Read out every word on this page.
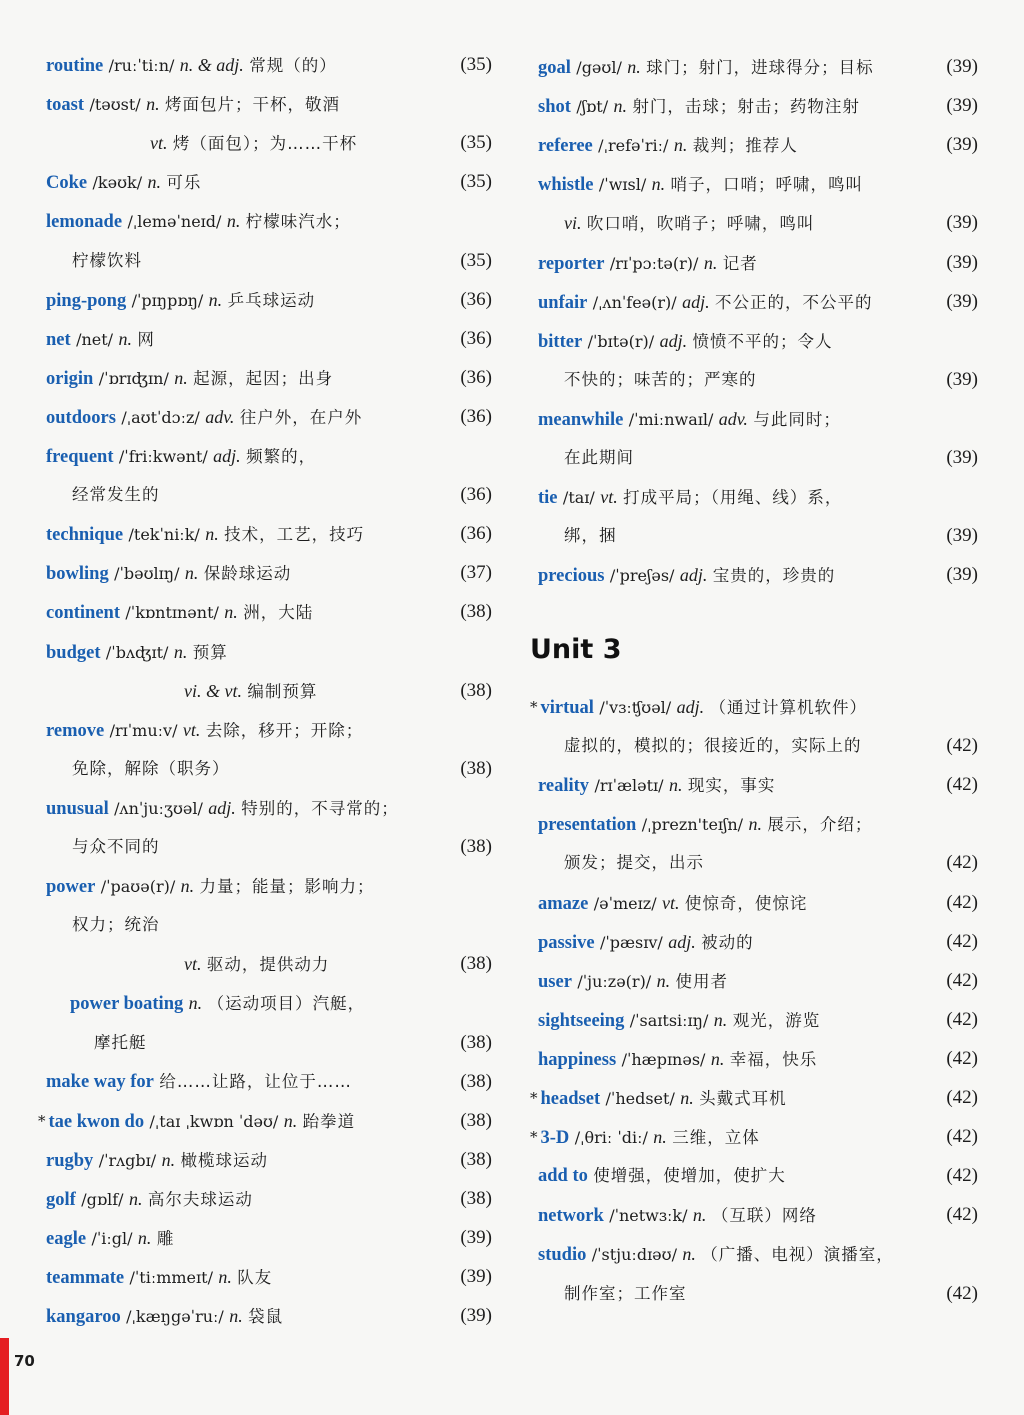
routine /ruːˈtiːn/ n. & adj. 常规（的）	(35)
toast /təʊst/ n. 烤面包片；干杯，敬酒
vt. 烤（面包）；为……干杯	(35)
Coke /kəʊk/ n. 可乐	(35)
lemonade /ˌleməˈneɪd/ n. 柠檬味汽水；
柠檬饮料	(35)
ping-pong /ˈpɪŋpɒŋ/ n. 乒乓球运动	(36)
net /net/ n. 网	(36)
origin /ˈɒrɪʤɪn/ n. 起源，起因；出身	(36)
outdoors /ˌaʊtˈdɔːz/ adv. 往户外，在户外	(36)
frequent /ˈfriːkwənt/ adj. 频繁的，
经常发生的	(36)
technique /tekˈniːk/ n. 技术，工艺，技巧	(36)
bowling /ˈbəʊlɪŋ/ n. 保龄球运动	(37)
continent /ˈkɒntɪnənt/ n. 洲，大陆	(38)
budget /ˈbʌʤɪt/ n. 预算
vi. & vt. 编制预算	(38)
remove /rɪˈmuːv/ vt. 去除，移开；开除；
免除，解除（职务）	(38)
unusual /ʌnˈjuːʒʊəl/ adj. 特别的，不寻常的；
与众不同的	(38)
power /ˈpaʊə(r)/ n. 力量；能量；影响力；
权力；统治
vt. 驱动，提供动力	(38)
power boating n. （运动项目）汽艇，
摩托艇	(38)
make way for 给……让路，让位于……	(38)
* tae kwon do /ˌtaɪ ˌkwɒn ˈdəʊ/ n. 跆拳道	(38)
rugby /ˈrʌgbɪ/ n. 橄榄球运动	(38)
golf /gɒlf/ n. 高尔夫球运动	(38)
eagle /ˈiːgl/ n. 雕	(39)
teammate /ˈtiːmmeɪt/ n. 队友	(39)
kangaroo /ˌkæŋgəˈruː/ n. 袋鼠	(39)
goal /gəʊl/ n. 球门；射门，进球得分；目标	(39)
shot /ʃɒt/ n. 射门，击球；射击；药物注射	(39)
referee /ˌrefəˈriː/ n. 裁判；推荐人	(39)
whistle /ˈwɪsl/ n. 哨子，口哨；呼啸，鸣叫
vi. 吹口哨，吹哨子；呼啸，鸣叫	(39)
reporter /rɪˈpɔːtə(r)/ n. 记者	(39)
unfair /ˌʌnˈfeə(r)/ adj. 不公正的，不公平的	(39)
bitter /ˈbɪtə(r)/ adj. 愤愤不平的；令人
不快的；味苦的；严寒的	(39)
meanwhile /ˈmiːnwaɪl/ adv. 与此同时；
在此期间	(39)
tie /taɪ/ vt. 打成平局；（用绳、线）系，
绑，捆	(39)
precious /ˈpreʃəs/ adj. 宝贵的，珍贵的	(39)
* virtual /ˈvɜːʧʊəl/ adj. （通过计算机软件）
虚拟的，模拟的；很接近的，实际上的	(42)
reality /rɪˈælətɪ/ n. 现实，事实	(42)
presentation /ˌprezn'teɪʃn/ n. 展示，介绍；
颁发；提交，出示	(42)
amaze /əˈmeɪz/ vt. 使惊奇，使惊诧	(42)
passive /ˈpæsɪv/ adj. 被动的	(42)
user /ˈjuːzə(r)/ n. 使用者	(42)
sightseeing /ˈsaɪtsiːɪŋ/ n. 观光，游览	(42)
happiness /ˈhæpɪnəs/ n. 幸福，快乐	(42)
* headset /ˈhedset/ n. 头戴式耳机	(42)
* 3-D /ˌθriː ˈdiː/ n. 三维，立体	(42)
add to 使增强，使增加，使扩大	(42)
network /ˈnetwɜːk/ n. （互联）网络	(42)
studio /ˈstjuːdɪəʊ/ n. （广播、电视）演播室，
制作室；工作室	(42)
Unit 3
70
